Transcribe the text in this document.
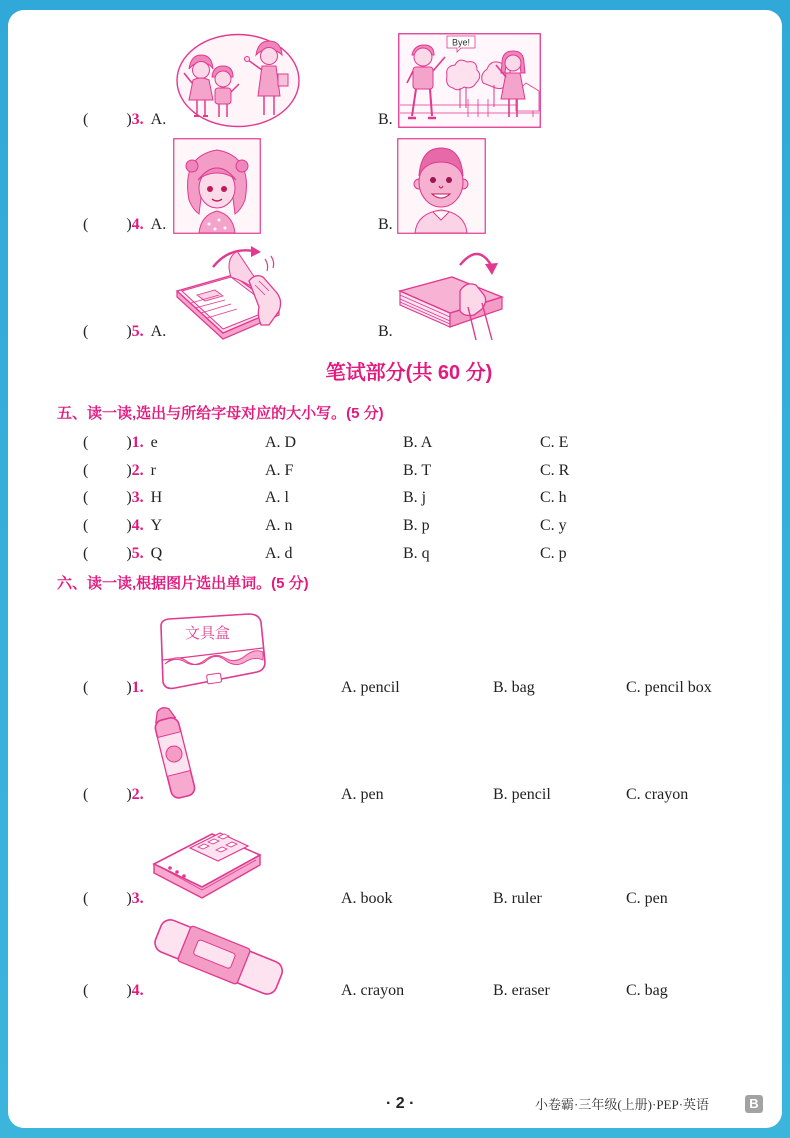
( )3. A.	B.
Bye!
( )4. A.	B.
( )5. A.	B.
笔试部分(共 60 分)
五、读一读,选出与所给字母对应的大小写。(5 分)
( )1. e	A. D	B. A	C. E
( )2. r	A. F	B. T	C. R
( )3. H	A. l	B. j	C. h
( )4. Y	A. n	B. p	C. y
( )5. Q	A. d	B. q	C. p
六、读一读,根据图片选出单词。(5 分)
文具盒
( )1.	A. pencil	B. bag	C. pencil box
( )2.	A. pen	B. pencil	C. crayon
( )3.	A. book	B. ruler	C. pen
( )4.	A. crayon	B. eraser	C. bag
· 2 ·	小卷霸·三年级(上册)·PEP·英语	B
